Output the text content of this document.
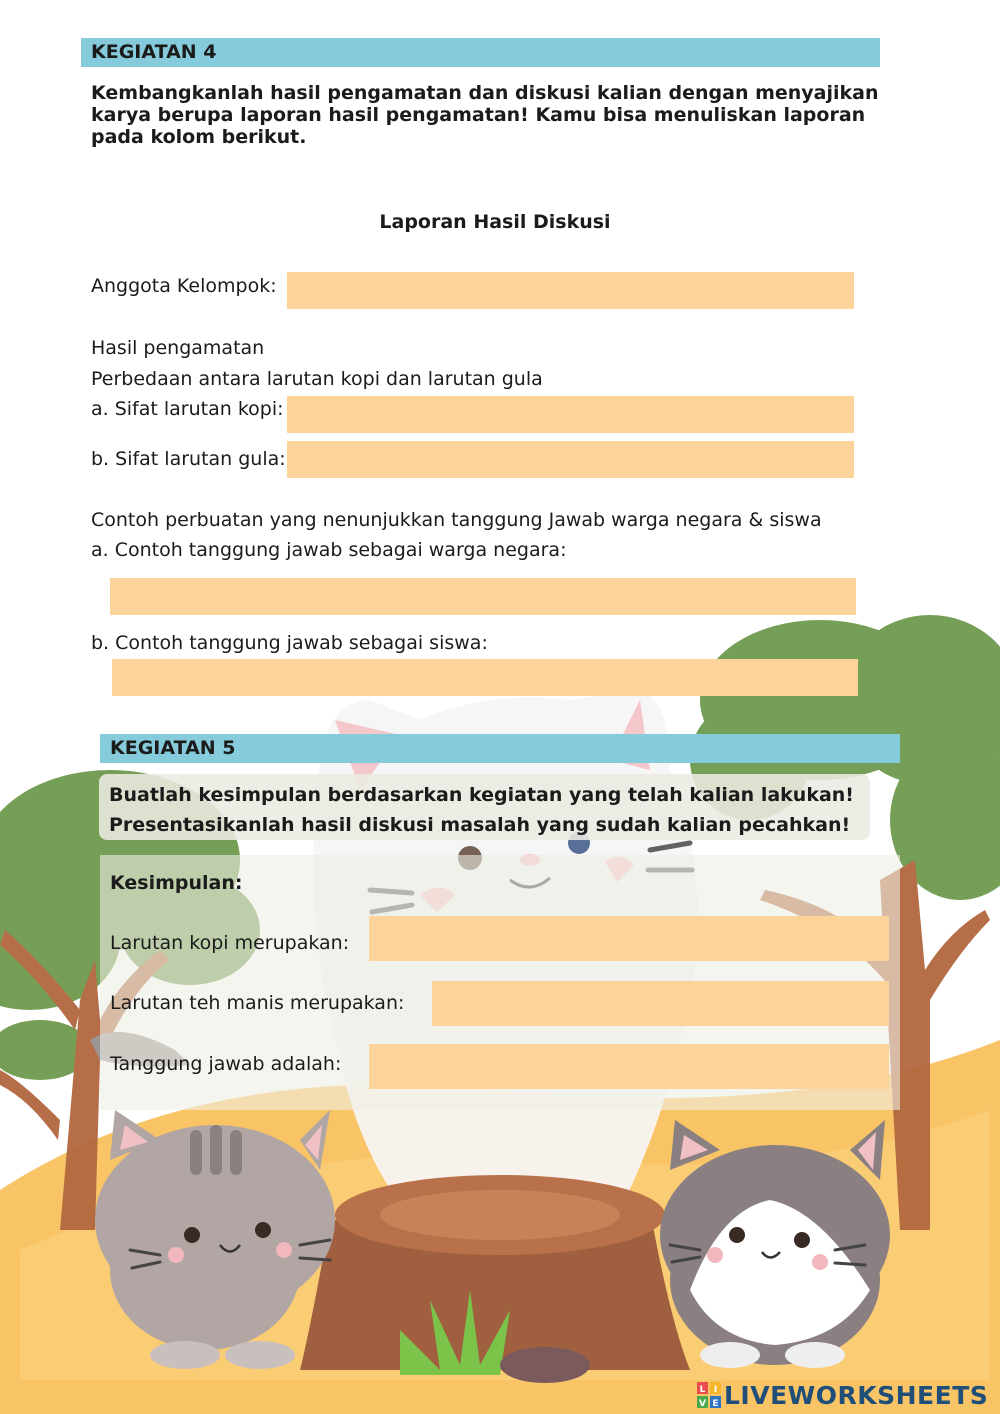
KEGIATAN 4
Kembangkanlah hasil pengamatan dan diskusi kalian dengan menyajikan karya berupa laporan hasil pengamatan! Kamu bisa menuliskan laporan pada kolom berikut.
Laporan Hasil Diskusi
Anggota Kelompok:
Hasil pengamatan
Perbedaan antara larutan kopi dan larutan gula
a. Sifat larutan kopi:
b. Sifat larutan gula:
Contoh perbuatan yang nenunjukkan tanggung Jawab warga negara & siswa
a. Contoh tanggung jawab sebagai warga negara:
b. Contoh tanggung jawab sebagai siswa:
KEGIATAN 5
Buatlah kesimpulan berdasarkan kegiatan yang telah kalian lakukan!
Presentasikanlah hasil diskusi masalah yang sudah kalian pecahkan!
Kesimpulan:
Larutan kopi merupakan:
Larutan teh manis merupakan:
Tanggung jawab adalah:
L I
V E LIVEWORKSHEETS
